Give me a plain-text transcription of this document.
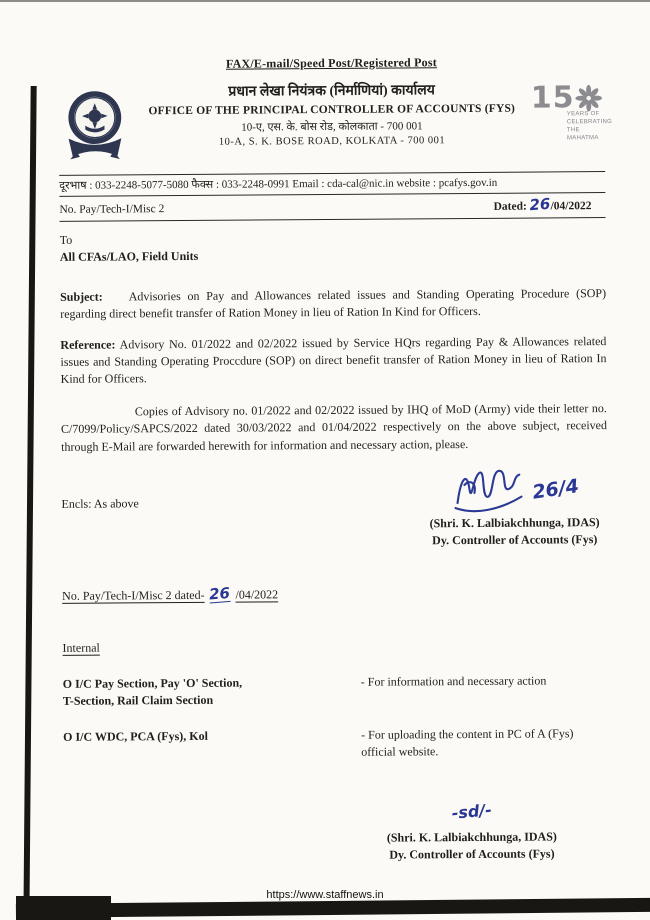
FAX/E-mail/Speed Post/Registered Post
प्रधान लेखा नियंत्रक (निर्माणियां) कार्यालय
OFFICE OF THE PRINCIPAL CONTROLLER OF ACCOUNTS (FYS)
10-ए, एस. के. बोस रोड, कोलकाता - 700 001
10-A, S. K. BOSE ROAD, KOLKATA - 700 001
15
YEARS OF
CELEBRATING
THE MAHATMA
दूरभाष : 033-2248-5077-5080 फैक्स : 033-2248-0991 Email : cda-cal@nic.in website : pcafys.gov.in
No. Pay/Tech-I/Misc 2	Dated: 26/04/2022
To
All CFAs/LAO, Field Units

Subject: Advisories on Pay and Allowances related issues and Standing Operating Procedure (SOP) regarding direct benefit transfer of Ration Money in lieu of Ration In Kind for Officers.

Reference: Advisory No. 01/2022 and 02/2022 issued by Service HQrs regarding Pay & Allowances related issues and Standing Operating Proccdure (SOP) on direct benefit transfer of Ration Money in lieu of Ration In Kind for Officers.

Copies of Advisory no. 01/2022 and 02/2022 issued by IHQ of MoD (Army) vide their letter no. C/7099/Policy/SAPCS/2022 dated 30/03/2022 and 01/04/2022 respectively on the above subject, received through E-Mail are forwarded herewith for information and necessary action, please.

Encls: As above	26/4
(Shri. K. Lalbiakchhunga, IDAS)
Dy. Controller of Accounts (Fys)
No. Pay/Tech-I/Misc 2 dated- 26 /04/2022
Internal
O I/C Pay Section, Pay 'O' Section,
T-Section, Rail Claim Section
- For information and necessary action
O I/C WDC, PCA (Fys), Kol	- For uploading the content in PC of A (Fys) official website.
-sd/-
(Shri. K. Lalbiakchhunga, IDAS)
Dy. Controller of Accounts (Fys)
https://www.staffnews.in
